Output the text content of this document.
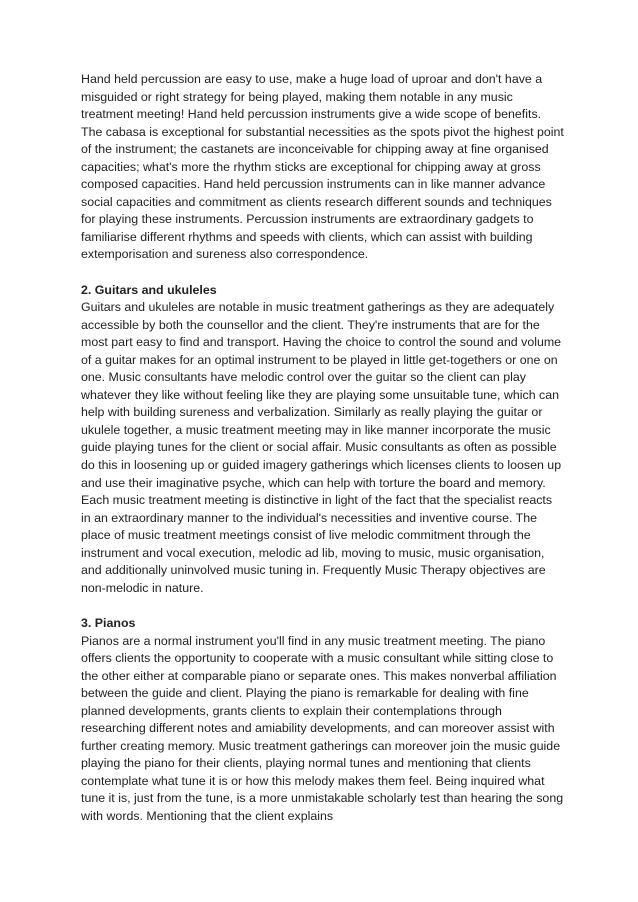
Hand held percussion are easy to use, make a huge load of uproar and don't have a misguided or right strategy for being played, making them notable in any music treatment meeting! Hand held percussion instruments give a wide scope of benefits. The cabasa is exceptional for substantial necessities as the spots pivot the highest point of the instrument; the castanets are inconceivable for chipping away at fine organised capacities; what's more the rhythm sticks are exceptional for chipping away at gross composed capacities. Hand held percussion instruments can in like manner advance social capacities and commitment as clients research different sounds and techniques for playing these instruments. Percussion instruments are extraordinary gadgets to familiarise different rhythms and speeds with clients, which can assist with building extemporisation and sureness also correspondence.

2. Guitars and ukuleles

Guitars and ukuleles are notable in music treatment gatherings as they are adequately accessible by both the counsellor and the client. They're instruments that are for the most part easy to find and transport. Having the choice to control the sound and volume of a guitar makes for an optimal instrument to be played in little get-togethers or one on one. Music consultants have melodic control over the guitar so the client can play whatever they like without feeling like they are playing some unsuitable tune, which can help with building sureness and verbalization. Similarly as really playing the guitar or ukulele together, a music treatment meeting may in like manner incorporate the music guide playing tunes for the client or social affair. Music consultants as often as possible do this in loosening up or guided imagery gatherings which licenses clients to loosen up and use their imaginative psyche, which can help with torture the board and memory. Each music treatment meeting is distinctive in light of the fact that the specialist reacts in an extraordinary manner to the individual's necessities and inventive course. The place of music treatment meetings consist of live melodic commitment through the instrument and vocal execution, melodic ad lib, moving to music, music organisation, and additionally uninvolved music tuning in. Frequently Music Therapy objectives are non-melodic in nature.

3. Pianos

Pianos are a normal instrument you'll find in any music treatment meeting. The piano offers clients the opportunity to cooperate with a music consultant while sitting close to the other either at comparable piano or separate ones. This makes nonverbal affiliation between the guide and client. Playing the piano is remarkable for dealing with fine planned developments, grants clients to explain their contemplations through researching different notes and amiability developments, and can moreover assist with further creating memory. Music treatment gatherings can moreover join the music guide playing the piano for their clients, playing normal tunes and mentioning that clients contemplate what tune it is or how this melody makes them feel. Being inquired what tune it is, just from the tune, is a more unmistakable scholarly test than hearing the song with words. Mentioning that the client explains
